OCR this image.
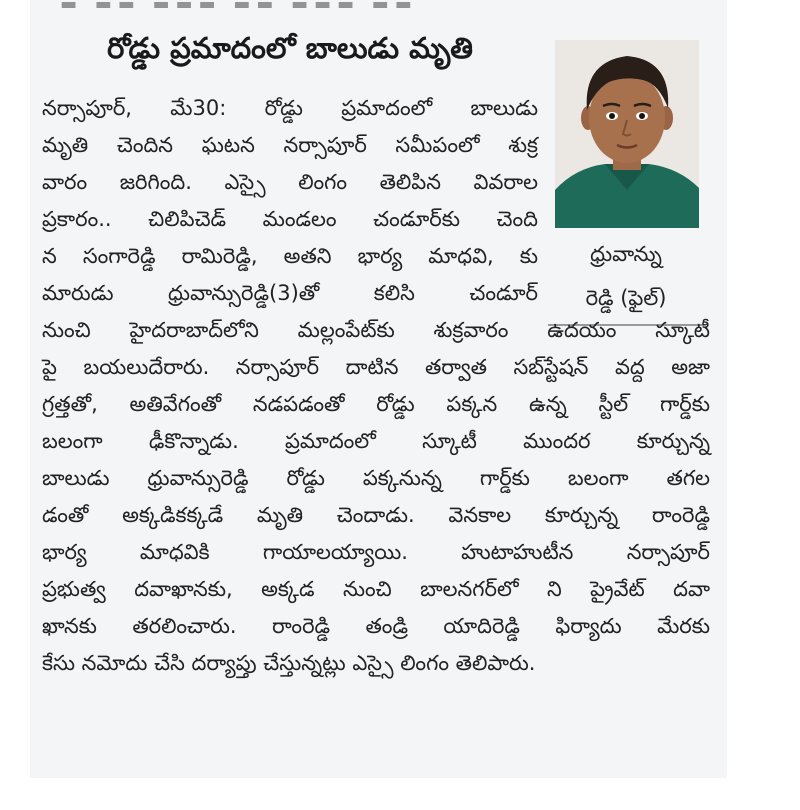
రోడ్డు ప్రమాదంలో బాలుడు మృతి
ధ్రువాన్ను
రెడ్డి (ఫైల్)
నర్సాపూర్, మే30: రోడ్డు ప్రమాదంలో బాలుడు
మృతి చెందిన ఘటన నర్సాపూర్ సమీపంలో శుక్ర
వారం జరిగింది. ఎస్సై లింగం తెలిపిన వివరాల
ప్రకారం.. చిలిపిచెడ్ మండలం చండూర్‌కు చెంది
న సంగారెడ్డి రామిరెడ్డి, అతని భార్య మాధవి, కు
మారుడు ధ్రువాన్సురెడ్డి(3)తో కలిసి చండూర్
నుంచి హైదరాబాద్‌లోని మల్లంపేట్‌కు శుక్రవారం ఉదయం స్కూటీ
పై బయలుదేరారు. నర్సాపూర్ దాటిన తర్వాత సబ్‌స్టేషన్ వద్ద అజా
గ్రత్తతో, అతివేగంతో నడపడంతో రోడ్డు పక్కన ఉన్న స్టీల్ గార్డ్‌కు
బలంగా ఢీకొన్నాడు. ప్రమాదంలో స్కూటీ ముందర కూర్చున్న
బాలుడు ధ్రువాన్సురెడ్డి రోడ్డు పక్కనున్న గార్డ్‌కు బలంగా తగల
డంతో అక్కడికక్కడే మృతి చెందాడు. వెనకాల కూర్చున్న రాంరెడ్డి
భార్య మాధవికి గాయాలయ్యాయి. హుటాహుటీన నర్సాపూర్
ప్రభుత్వ దవాఖానకు, అక్కడ నుంచి బాలనగర్‌లో ని ప్రైవేట్ దవా
ఖానకు తరలించారు. రాంరెడ్డి తండ్రి యాదిరెడ్డి ఫిర్యాదు మేరకు
కేసు నమోదు చేసి దర్యాప్తు చేస్తున్నట్లు ఎస్సై లింగం తెలిపారు.
